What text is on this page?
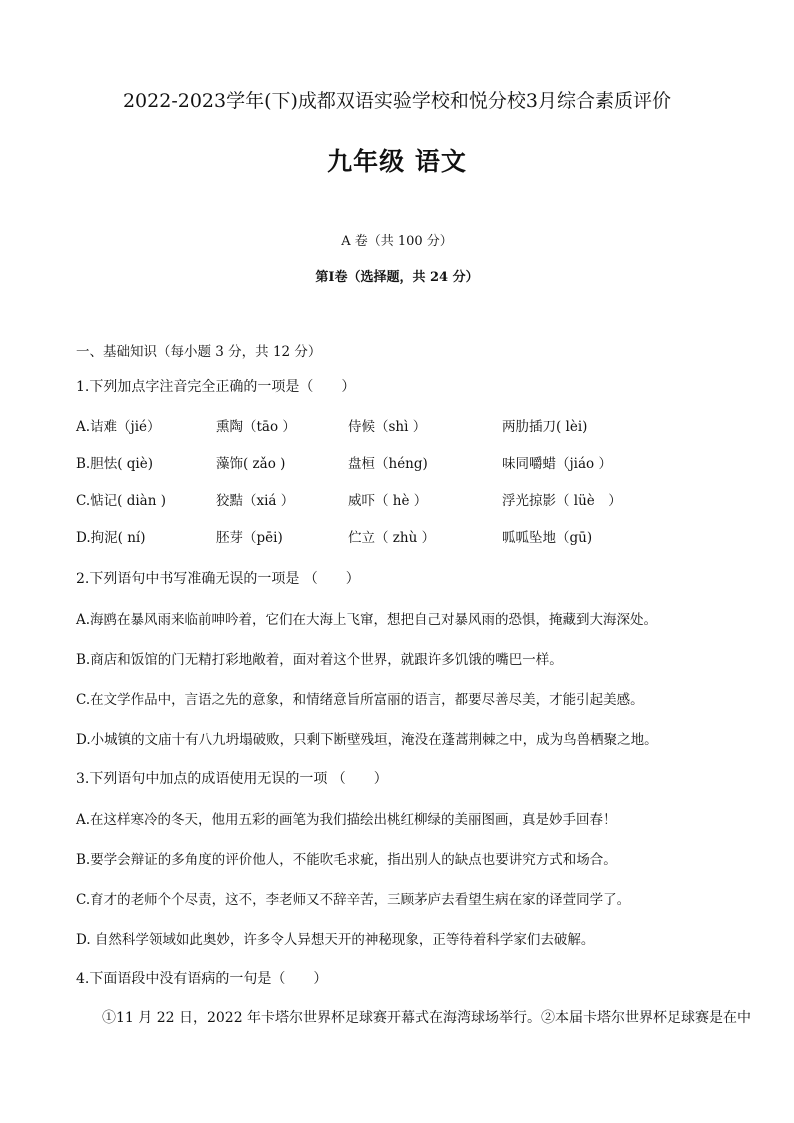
2022-2023学年(下)成都双语实验学校和悦分校3月综合素质评价
九年级 语文
A 卷（共 100 分）
第Ⅰ卷（选择题，共 24 分）
一、基础知识（每小题 3 分，共 12 分）
1.下列加点字注音完全正确的一项是（　　）
A.诘难（jié）	熏陶（tāo ）	侍候（shì ）	两肋插刀( lèi)
B.胆怯( qiè)	藻饰( zǎo )	盘桓（héng)	味同嚼蜡（jiáo ）
C.惦记( diàn )	狡黠（xiá ）	威吓（ hè ）	浮光掠影（ lüè　）
D.拘泥( ní)	胚芽（pēi)	伫立（ zhù ）	呱呱坠地（gū)
2.下列语句中书写准确无误的一项是 （　　）
A.海鸥在暴风雨来临前呻吟着，它们在大海上飞窜，想把自己对暴风雨的恐惧，掩藏到大海深处。
B.商店和饭馆的门无精打彩地敞着，面对着这个世界，就跟许多饥饿的嘴巴一样。
C.在文学作品中，言语之先的意象，和情绪意旨所富丽的语言，都要尽善尽美，才能引起美感。
D.小城镇的文庙十有八九坍塌破败，只剩下断壁残垣，淹没在蓬蒿荆棘之中，成为鸟兽栖聚之地。
3.下列语句中加点的成语使用无误的一项 （　　）
A.在这样寒冷的冬天，他用五彩的画笔为我们描绘出桃红柳绿的美丽图画，真是妙手回春！
B.要学会辩证的多角度的评价他人，不能吹毛求疵，指出别人的缺点也要讲究方式和场合。
C.育才的老师个个尽责，这不，李老师又不辞辛苦，三顾茅庐去看望生病在家的译萱同学了。
D. 自然科学领域如此奥妙，许多令人异想天开的神秘现象，正等待着科学家们去破解。
4.下面语段中没有语病的一句是（　　）
①11 月 22 日，2022 年卡塔尔世界杯足球赛开幕式在海湾球场举行。②本届卡塔尔世界杯足球赛是在中
